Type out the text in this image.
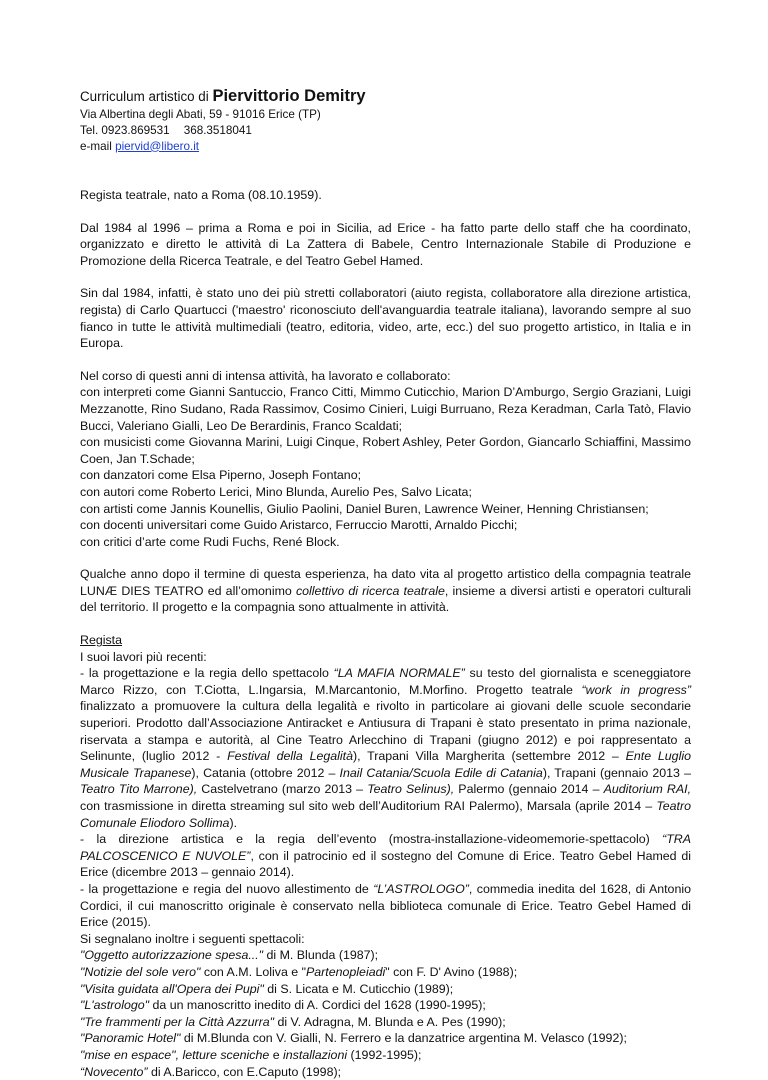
Curriculum artistico di Piervittorio Demitry
Via Albertina degli Abati, 59 - 91016 Erice (TP)
Tel. 0923.869531 368.3518041
e-mail piervid@libero.it

Regista teatrale, nato a Roma (08.10.1959).

Dal 1984 al 1996 – prima a Roma e poi in Sicilia, ad Erice - ha fatto parte dello staff che ha coordinato, organizzato e diretto le attività di La Zattera di Babele, Centro Internazionale Stabile di Produzione e Promozione della Ricerca Teatrale, e del Teatro Gebel Hamed.

Sin dal 1984, infatti, è stato uno dei più stretti collaboratori (aiuto regista, collaboratore alla direzione artistica, regista) di Carlo Quartucci ('maestro' riconosciuto dell'avanguardia teatrale italiana), lavorando sempre al suo fianco in tutte le attività multimediali (teatro, editoria, video, arte, ecc.) del suo progetto artistico, in Italia e in Europa.

Nel corso di questi anni di intensa attività, ha lavorato e collaborato:
con interpreti come Gianni Santuccio, Franco Citti, Mimmo Cuticchio, Marion D’Amburgo, Sergio Graziani, Luigi Mezzanotte, Rino Sudano, Rada Rassimov, Cosimo Cinieri, Luigi Burruano, Reza Keradman, Carla Tatò, Flavio Bucci, Valeriano Gialli, Leo De Berardinis, Franco Scaldati;
con musicisti come Giovanna Marini, Luigi Cinque, Robert Ashley, Peter Gordon, Giancarlo Schiaffini, Massimo Coen, Jan T.Schade;
con danzatori come Elsa Piperno, Joseph Fontano;
con autori come Roberto Lerici, Mino Blunda, Aurelio Pes, Salvo Licata;
con artisti come Jannis Kounellis, Giulio Paolini, Daniel Buren, Lawrence Weiner, Henning Christiansen;
con docenti universitari come Guido Aristarco, Ferruccio Marotti, Arnaldo Picchi;
con critici d’arte come Rudi Fuchs, René Block.

Qualche anno dopo il termine di questa esperienza, ha dato vita al progetto artistico della compagnia teatrale LUNÆ DIES TEATRO ed all’omonimo collettivo di ricerca teatrale, insieme a diversi artisti e operatori culturali del territorio. Il progetto e la compagnia sono attualmente in attività.

Regista
I suoi lavori più recenti:
- la progettazione e la regia dello spettacolo “LA MAFIA NORMALE” su testo del giornalista e sceneggiatore Marco Rizzo, con T.Ciotta, L.Ingarsia, M.Marcantonio, M.Morfino. Progetto teatrale “work in progress” finalizzato a promuovere la cultura della legalità e rivolto in particolare ai giovani delle scuole secondarie superiori. Prodotto dall’Associazione Antiracket e Antiusura di Trapani è stato presentato in prima nazionale, riservata a stampa e autorità, al Cine Teatro Arlecchino di Trapani (giugno 2012) e poi rappresentato a Selinunte, (luglio 2012 - Festival della Legalità), Trapani Villa Margherita (settembre 2012 – Ente Luglio Musicale Trapanese), Catania (ottobre 2012 – Inail Catania/Scuola Edile di Catania), Trapani (gennaio 2013 – Teatro Tito Marrone), Castelvetrano (marzo 2013 – Teatro Selinus), Palermo (gennaio 2014 – Auditorium RAI, con trasmissione in diretta streaming sul sito web dell’Auditorium RAI Palermo), Marsala (aprile 2014 – Teatro Comunale Eliodoro Sollima).
- la direzione artistica e la regia dell’evento (mostra-installazione-videomemorie-spettacolo) “TRA PALCOSCENICO E NUVOLE”, con il patrocinio ed il sostegno del Comune di Erice. Teatro Gebel Hamed di Erice (dicembre 2013 – gennaio 2014).
- la progettazione e regia del nuovo allestimento de “L’ASTROLOGO”, commedia inedita del 1628, di Antonio Cordici, il cui manoscritto originale è conservato nella biblioteca comunale di Erice. Teatro Gebel Hamed di Erice (2015).
Si segnalano inoltre i seguenti spettacoli:
"Oggetto autorizzazione spesa..." di M. Blunda (1987);
"Notizie del sole vero" con A.M. Loliva e "Partenopleiadi" con F. D' Avino (1988);
"Visita guidata all'Opera dei Pupi" di S. Licata e M. Cuticchio (1989);
"L'astrologo" da un manoscritto inedito di A. Cordici del 1628 (1990-1995);
"Tre frammenti per la Città Azzurra" di V. Adragna, M. Blunda e A. Pes (1990);
"Panoramic Hotel" di M.Blunda con V. Gialli, N. Ferrero e la danzatrice argentina M. Velasco (1992);
"mise en espace", letture sceniche e installazioni (1992-1995);
“Novecento” di A.Baricco, con E.Caputo (1998);
